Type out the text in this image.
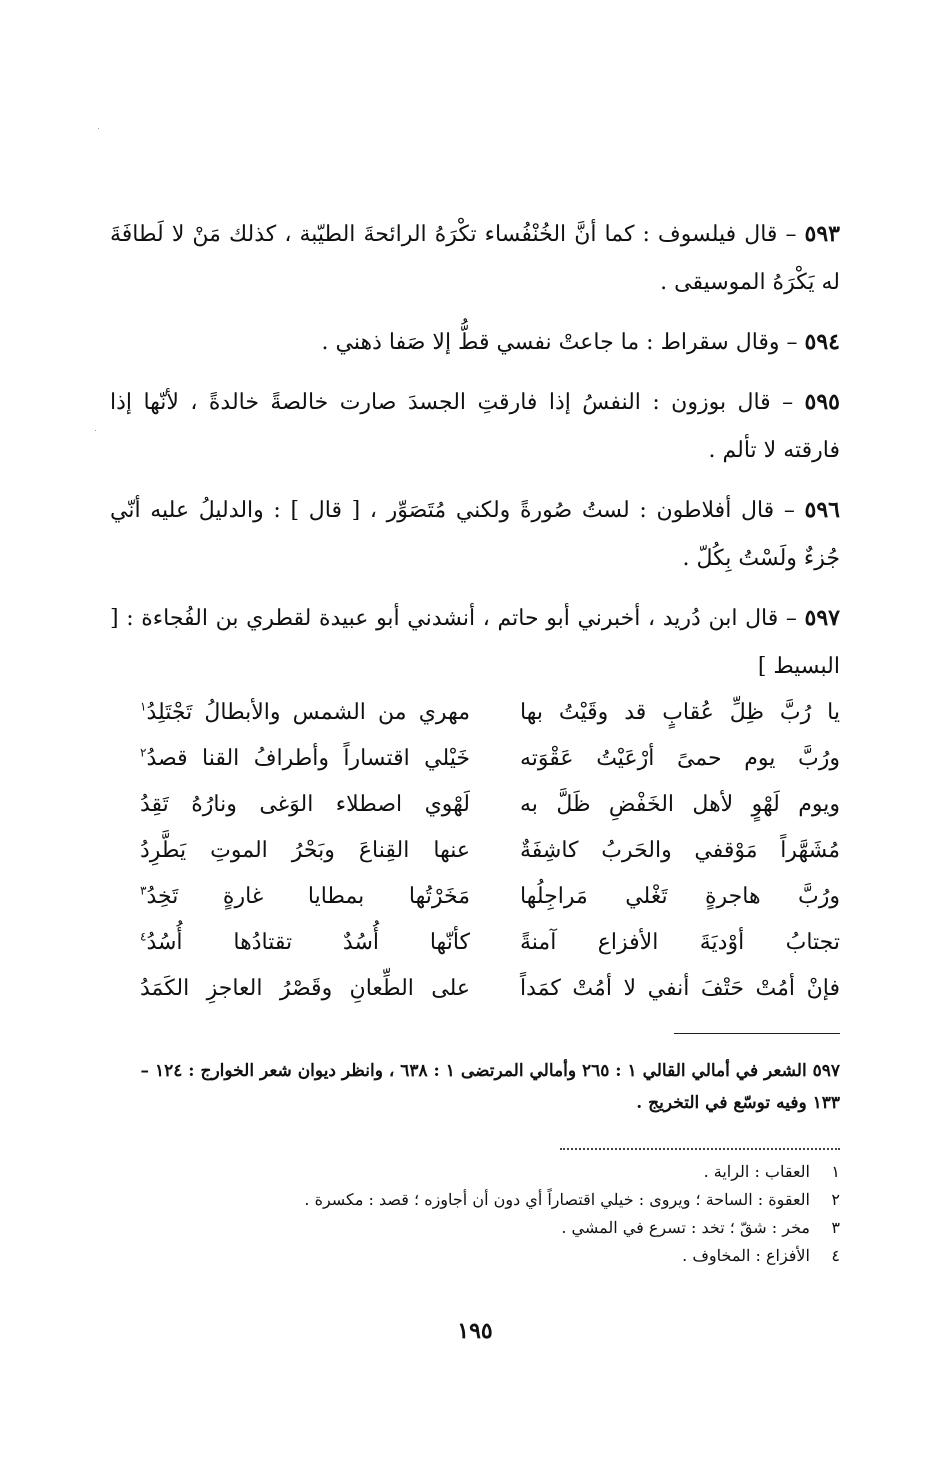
٥٩٣ – قال فيلسوف : كما أنَّ الخُنْفُساء تكْرَهُ الرائحةَ الطيّبة ، كذلك مَنْ لا لَطافَةَ له يَكْرَهُ الموسيقى .
٥٩٤ – وقال سقراط : ما جاعتْ نفسي قطُّ إلا صَفا ذهني .
٥٩٥ – قال بوزون : النفسُ إذا فارقتِ الجسدَ صارت خالصةً خالدةً ، لأنّها إذا فارقته لا تألم .
٥٩٦ – قال أفلاطون : لستُ صُورةً ولكني مُتَصَوِّر ، [ قال ] : والدليلُ عليه أنّي جُزءٌ ولَسْتُ بِكُلّ .
٥٩٧ – قال ابن دُريد ، أخبرني أبو حاتم ، أنشدني أبو عبيدة لقطري بن الفُجاءة : [ البسيط ]
يا رُبَّ ظِلِّ عُقابٍ قد وقَيْتُ بها
مهري من الشمس والأبطالُ تَجْتَلِدُ$^١$
ورُبَّ يوم حمىً أرْعَيْتُ عَقْوَته
خَيْلي اقتساراً وأطرافُ القنا قصدُ$^٢$
ويوم لَهْوٍ لأهل الخَفْضِ ظَلَّ به
لَهْوي اصطلاء الوَغى ونارُهُ تَقِدُ
مُشَهَّراً مَوْقفي والحَربُ كاشِفَةٌ
عنها القِناعَ وبَحْرُ الموتِ يَطَّرِدُ
ورُبَّ هاجرةٍ تَغْلي مَراجِلُها
مَخَرْتُها بمطايا غارةٍ تَخِدُ$^٣$
تجتابُ أوْديَةَ الأفزاع آمنةً
كأنّها أُسُدٌ تقتادُها أُسُدُ$^٤$
فإنْ أمُتْ حَتْفَ أنفي لا أمُتْ كمَداً
على الطِّعانِ وقَصْرُ العاجزِ الكَمَدُ
٥٩٧ الشعر في أمالي القالي ١ : ٢٦٥ وأمالي المرتضى ١ : ٦٣٨ ، وانظر ديوان شعر الخوارج : ١٢٤ – ١٣٣ وفيه توسّع في التخريج .
١العقاب : الراية .
٢العقوة : الساحة ؛ ويروى : خيلي اقتصاراً أي دون أن أجاوزه ؛ قصد : مكسرة .
٣مخر : شقّ ؛ تخد : تسرع في المشي .
٤الأفزاع : المخاوف .
١٩٥
